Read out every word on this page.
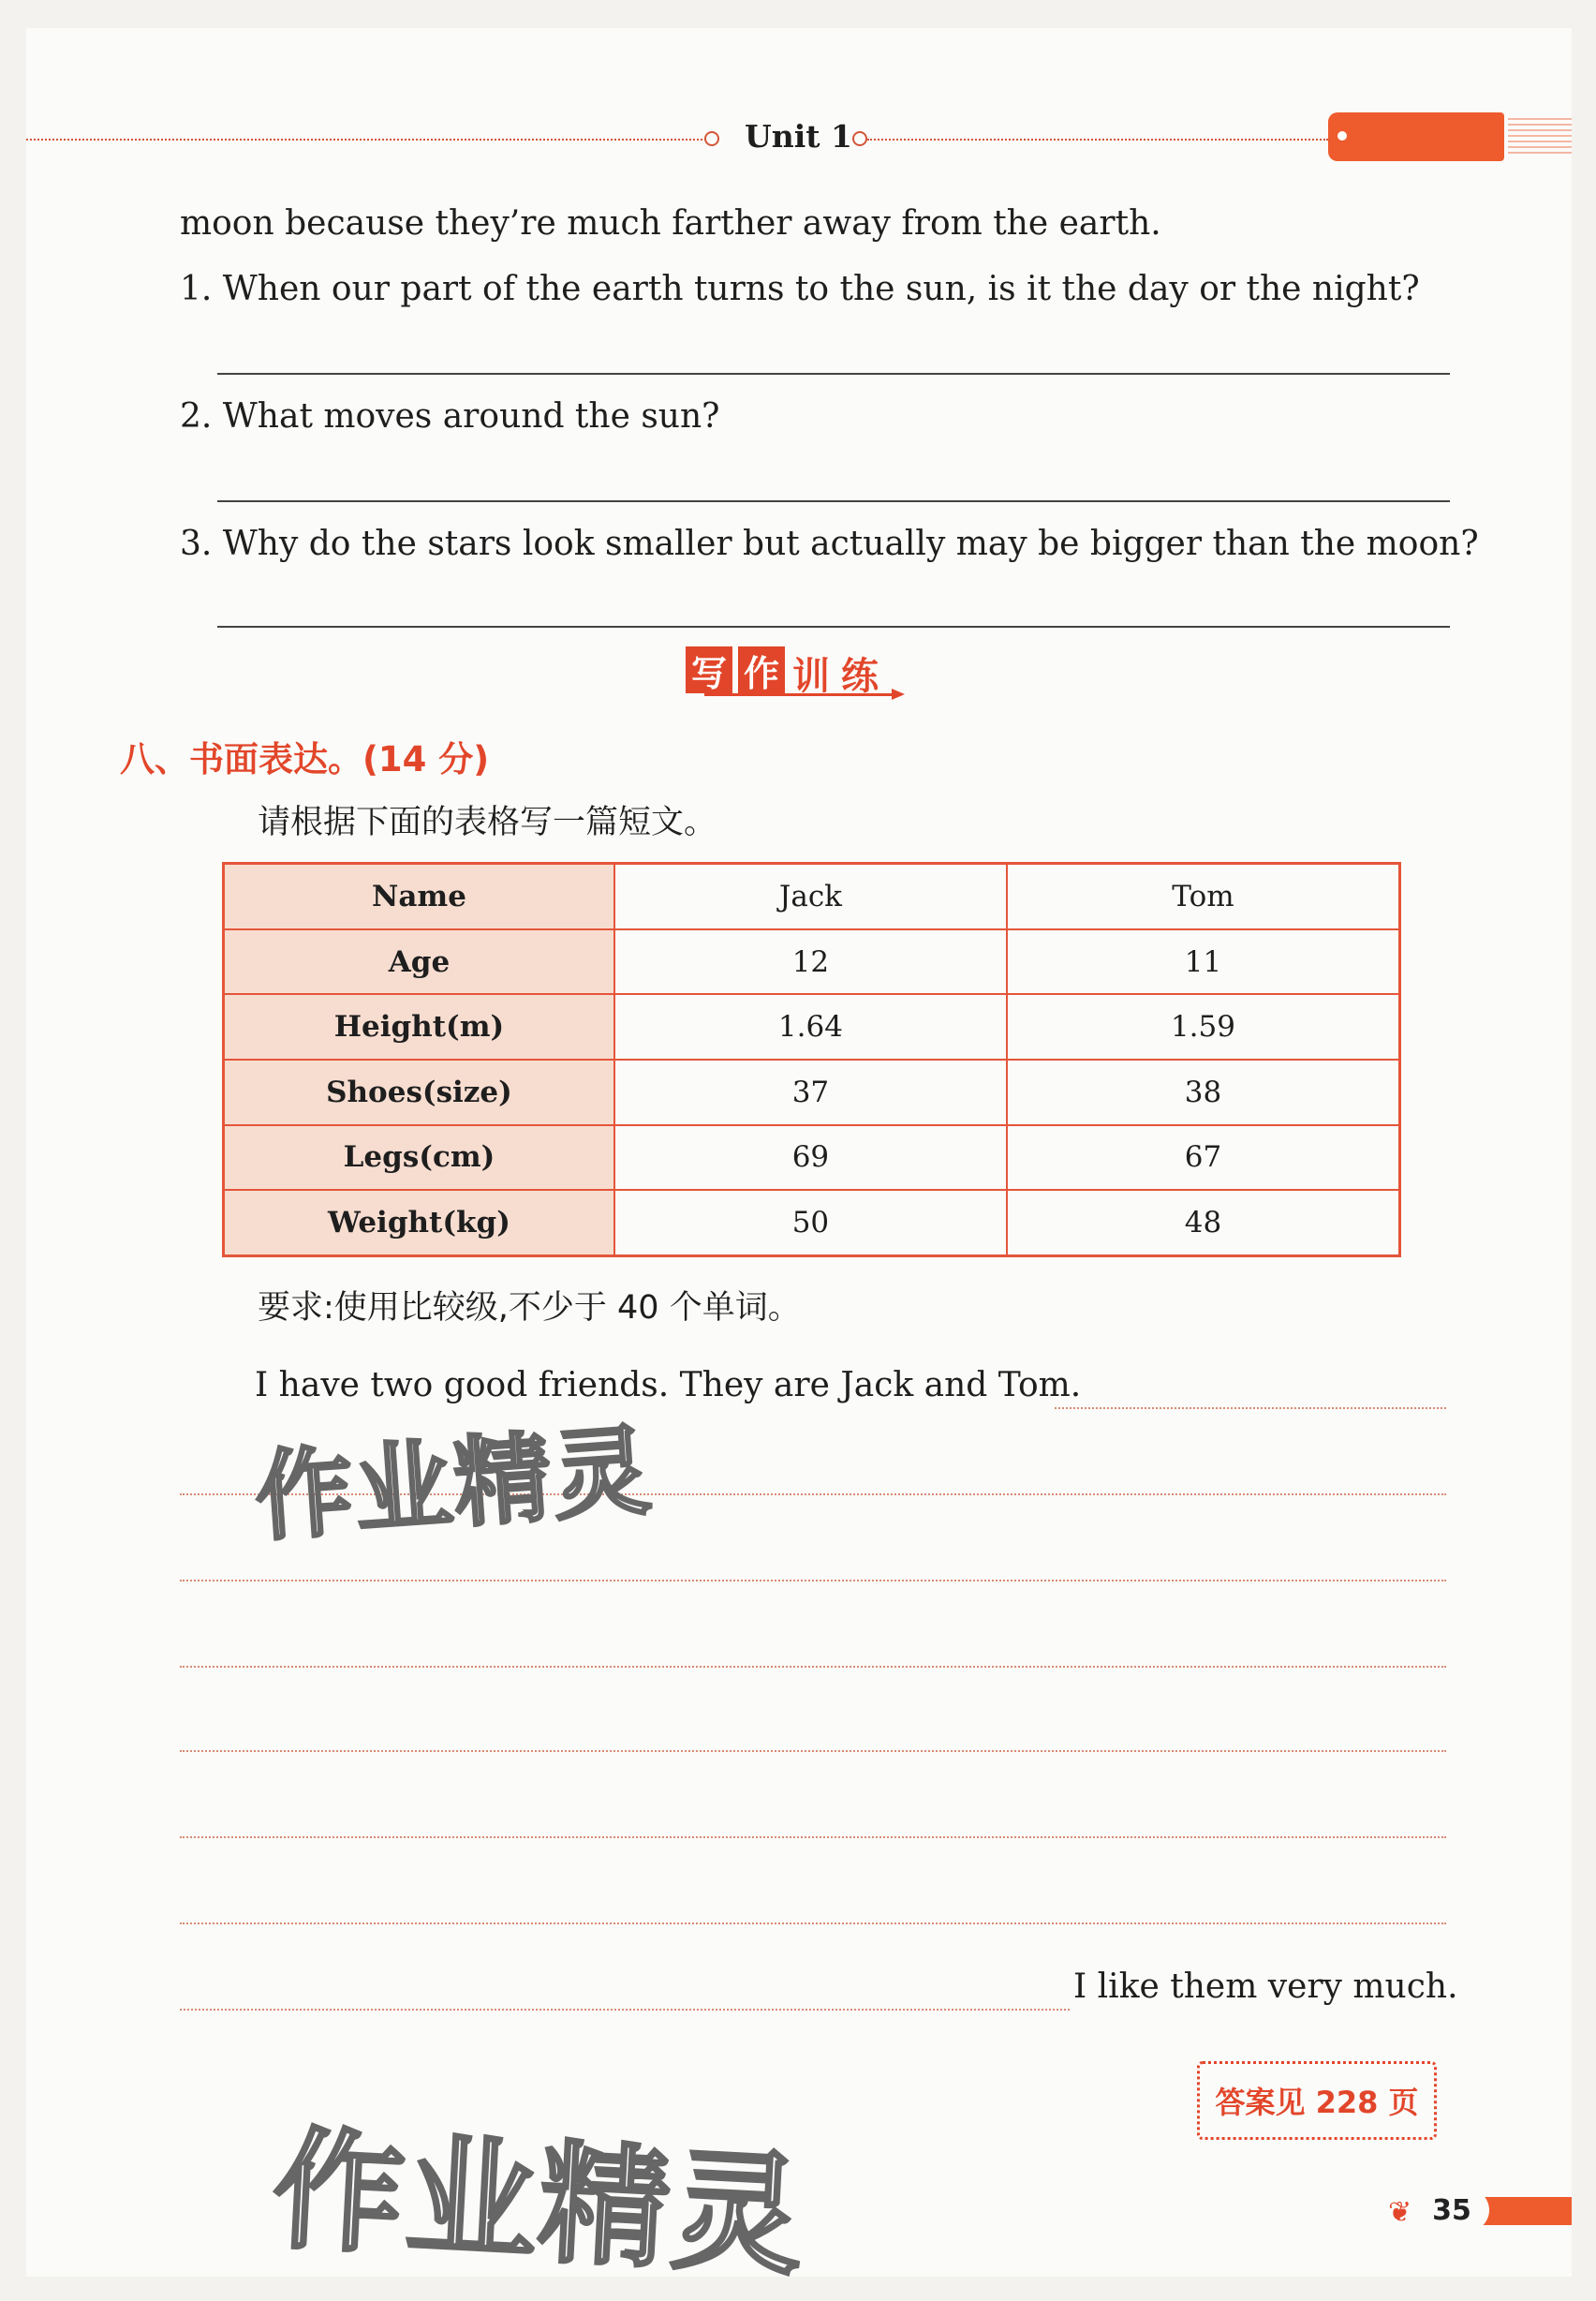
Unit 1
moon because they’re much farther away from the earth.
1. When our part of the earth turns to the sun, is it the day or the night?
2. What moves around the sun?
3. Why do the stars look smaller but actually may be bigger than the moon?
写 作 训 练
八、书面表达。(14 分)
请根据下面的表格写一篇短文。
Name	Jack	Tom
Age	12	11
Height(m)	1.64	1.59
Shoes(size)	37	38
Legs(cm)	69	67
Weight(kg)	50	48
要求:使用比较级,不少于 40 个单词。
I have two good friends. They are Jack and Tom.
I like them very much.
作业精灵
作业精灵
答案见 228 页
❦ 35
